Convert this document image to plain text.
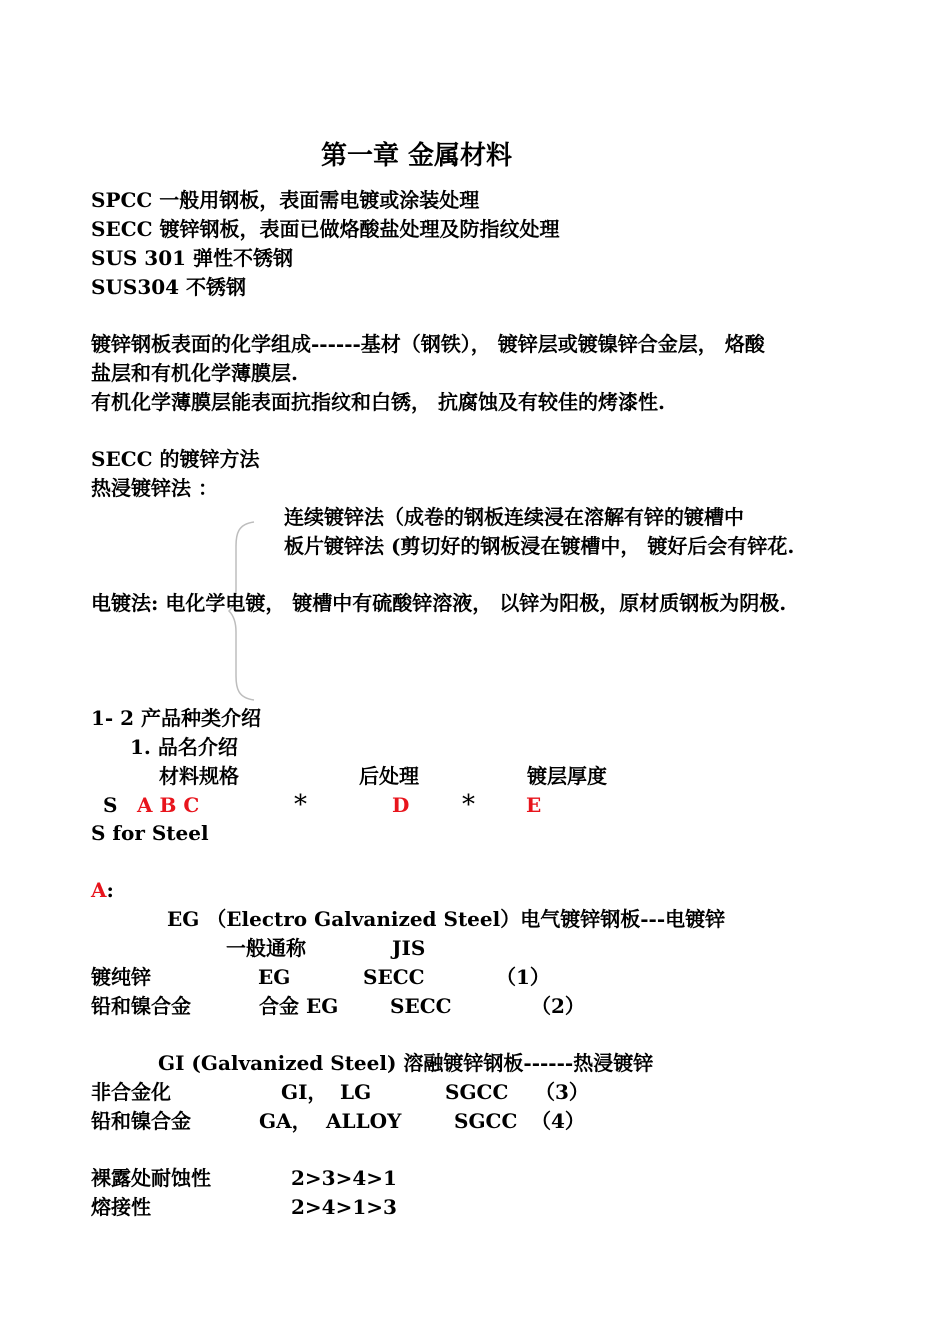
第一章 金属材料
SPCC 一般用钢板，表面需电镀或涂装处理
SECC 镀锌钢板，表面已做烙酸盐处理及防指纹处理
SUS 301 弹性不锈钢
SUS304 不锈钢
镀锌钢板表面的化学组成------基材（钢铁）， 镀锌层或镀镍锌合金层， 烙酸
盐层和有机化学薄膜层.
有机化学薄膜层能表面抗指纹和白锈， 抗腐蚀及有较佳的烤漆性.
SECC 的镀锌方法
热浸镀锌法 ：
连续镀锌法（成卷的钢板连续浸在溶解有锌的镀槽中
板片镀锌法 (剪切好的钢板浸在镀槽中， 镀好后会有锌花.
电镀法: 电化学电镀， 镀槽中有硫酸锌溶液， 以锌为阳极，原材质钢板为阴极.
1- 2 产品种类介绍
1. 品名介绍
材料规格	后处理	镀层厚度
S A B C	*	D *	E
S for Steel
A:
EG （Electro Galvanized Steel）电气镀锌钢板---电镀锌
一般通称	JIS
镀纯锌	EG	SECC	（1）
铅和镍合金	合金 EG	SECC	（2）
GI (Galvanized Steel) 溶融镀锌钢板------热浸镀锌
非合金化	GI， LG	SGCC （3）
铅和镍合金	GA， ALLOY	SGCC （4）
裸露处耐蚀性	2>3>4>1
熔接性	2>4>1>3
